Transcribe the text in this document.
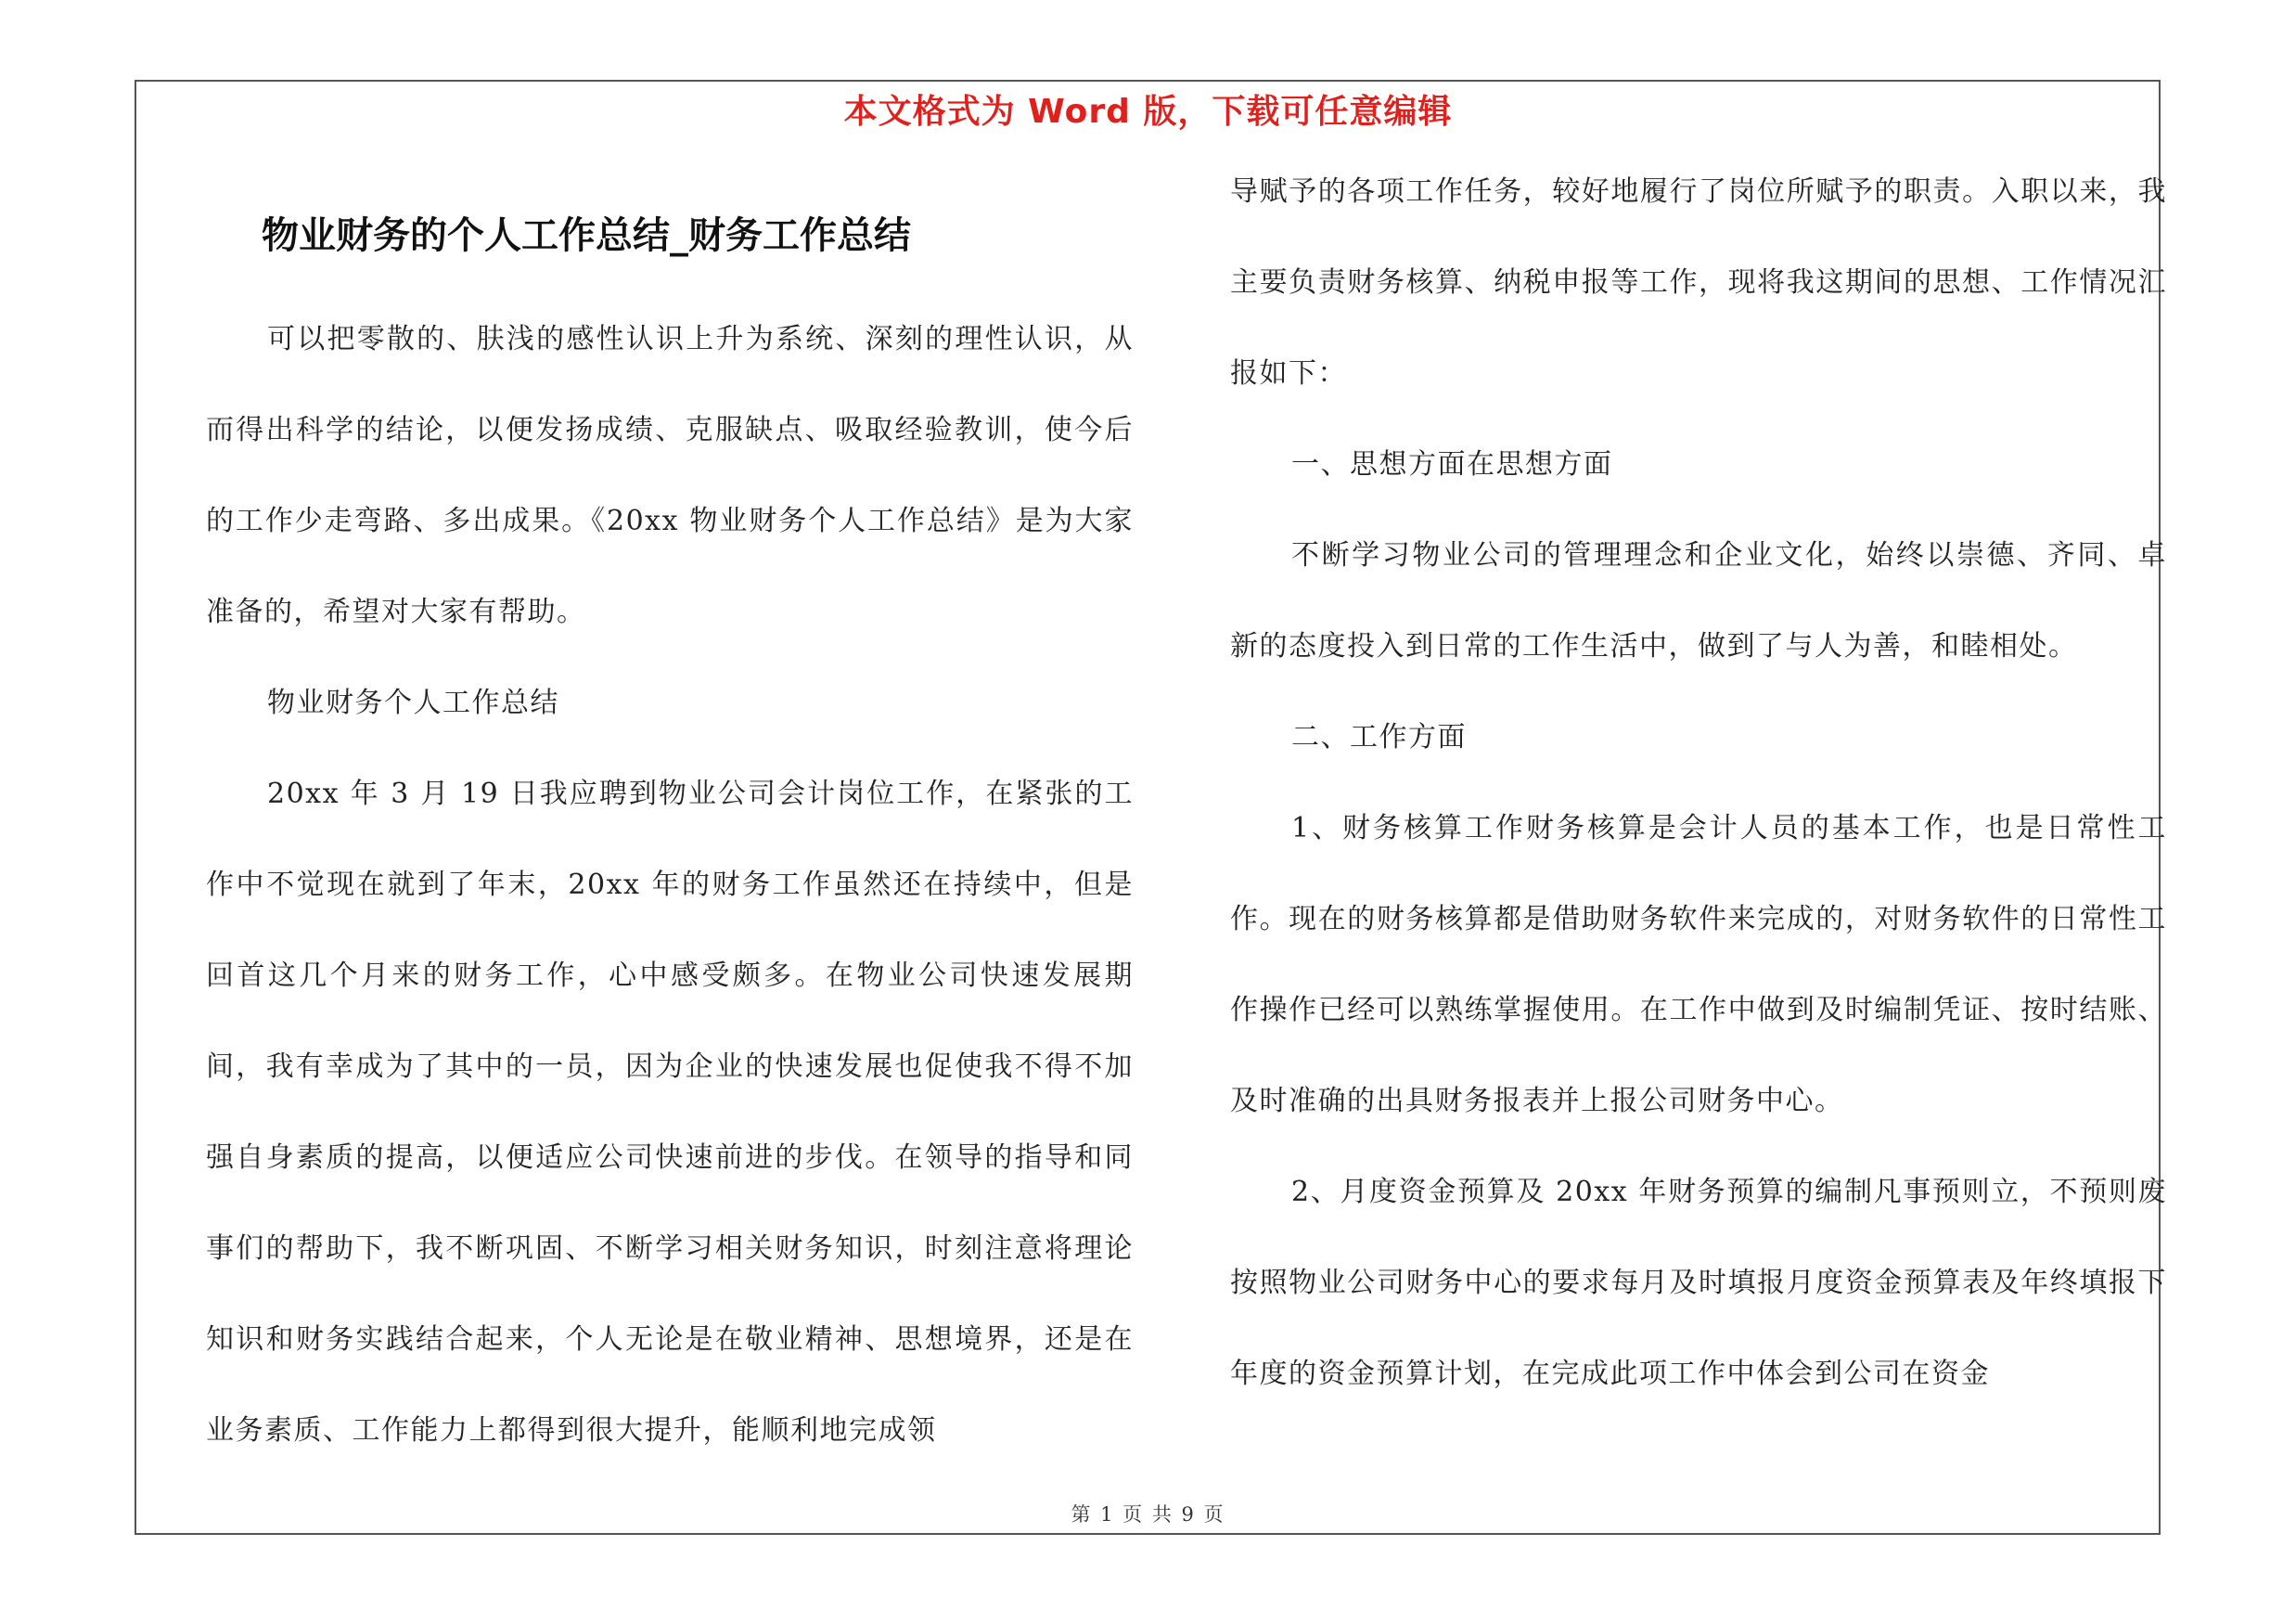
本文格式为 Word 版，下载可任意编辑
物业财务的个人工作总结_财务工作总结

可以把零散的、肤浅的感性认识上升为系统、深刻的理性认识，从而得出科学的结论，以便发扬成绩、克服缺点、吸取经验教训，使今后的工作少走弯路、多出成果。《20xx 物业财务个人工作总结》是为大家准备的，希望对大家有帮助。

物业财务个人工作总结

20xx 年 3 月 19 日我应聘到物业公司会计岗位工作，在紧张的工作中不觉现在就到了年末，20xx 年的财务工作虽然还在持续中，但是回首这几个月来的财务工作，心中感受颇多。在物业公司快速发展期间，我有幸成为了其中的一员，因为企业的快速发展也促使我不得不加强自身素质的提高，以便适应公司快速前进的步伐。在领导的指导和同事们的帮助下，我不断巩固、不断学习相关财务知识，时刻注意将理论知识和财务实践结合起来，个人无论是在敬业精神、思想境界，还是在业务素质、工作能力上都得到很大提升，能顺利地完成领

导赋予的各项工作任务，较好地履行了岗位所赋予的职责。入职以来，我主要负责财务核算、纳税申报等工作，现将我这期间的思想、工作情况汇报如下：

一、思想方面在思想方面

不断学习物业公司的管理理念和企业文化，始终以崇德、齐同、卓新的态度投入到日常的工作生活中，做到了与人为善，和睦相处。

二、工作方面

1、财务核算工作财务核算是会计人员的基本工作，也是日常性工作。现在的财务核算都是借助财务软件来完成的，对财务软件的日常性工作操作已经可以熟练掌握使用。在工作中做到及时编制凭证、按时结账、及时准确的出具财务报表并上报公司财务中心。

2、月度资金预算及 20xx 年财务预算的编制凡事预则立，不预则废按照物业公司财务中心的要求每月及时填报月度资金预算表及年终填报下年度的资金预算计划，在完成此项工作中体会到公司在资金

第 1 页 共 9 页
